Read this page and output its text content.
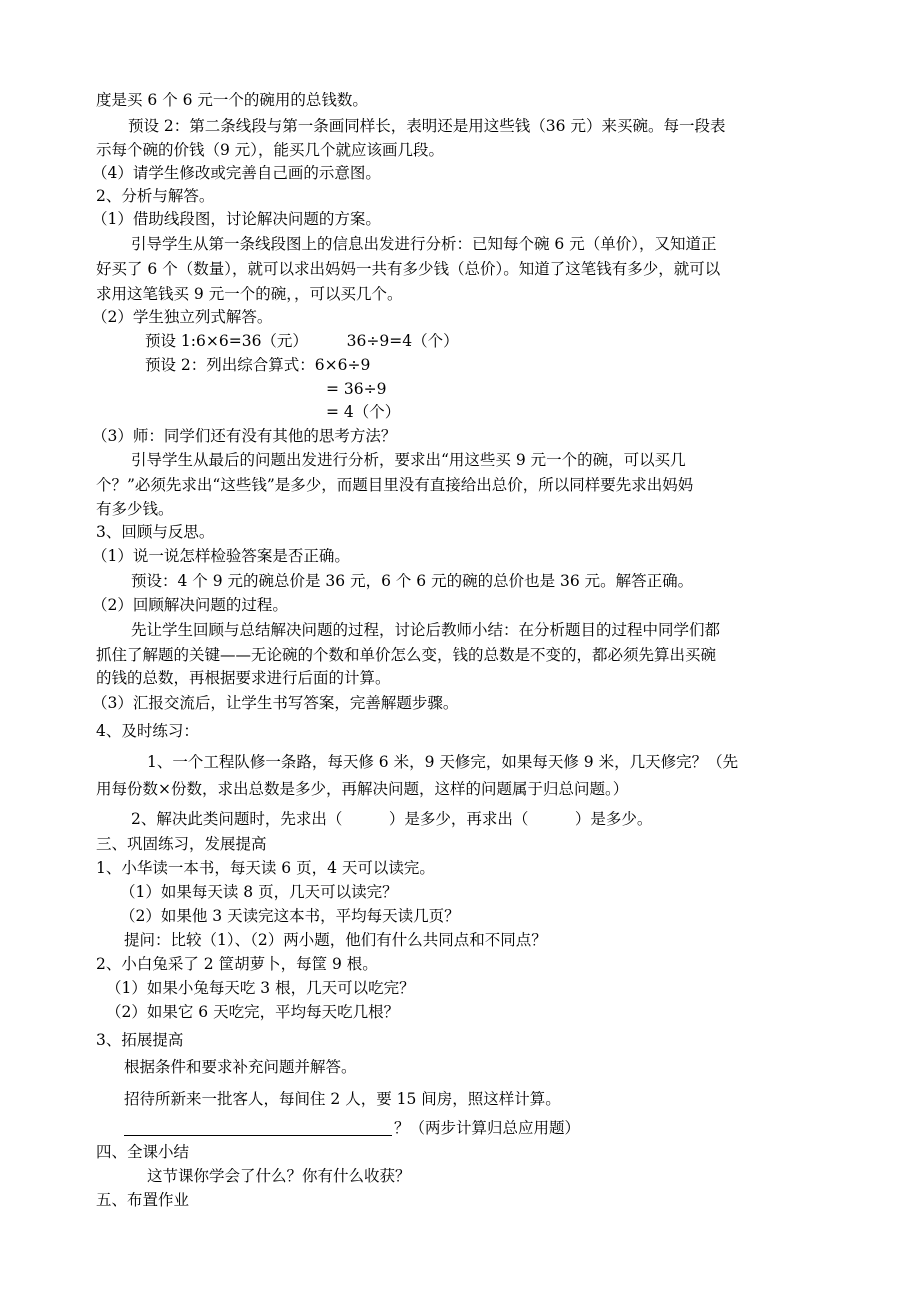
度是买 6 个 6 元一个的碗用的总钱数。
预设 2：第二条线段与第一条画同样长，表明还是用这些钱（36 元）来买碗。每一段表
示每个碗的价钱（9 元），能买几个就应该画几段。
（4）请学生修改或完善自己画的示意图。
2、分析与解答。
（1）借助线段图，讨论解决问题的方案。
引导学生从第一条线段图上的信息出发进行分析：已知每个碗 6 元（单价），又知道正
好买了 6 个（数量），就可以求出妈妈一共有多少钱（总价）。知道了这笔钱有多少，就可以
求用这笔钱买 9 元一个的碗，，可以买几个。
（2）学生独立列式解答。
预设 1:6×6=36（元）　　　36÷9=4（个）
预设 2：列出综合算式：6×6÷9
= 36÷9
= 4（个）
（3）师：同学们还有没有其他的思考方法？
引导学生从最后的问题出发进行分析，要求出“用这些买 9 元一个的碗，可以买几
个？”必须先求出“这些钱”是多少，而题目里没有直接给出总价，所以同样要先求出妈妈
有多少钱。
3、回顾与反思。
（1）说一说怎样检验答案是否正确。
预设：4 个 9 元的碗总价是 36 元，6 个 6 元的碗的总价也是 36 元。解答正确。
（2）回顾解决问题的过程。
先让学生回顾与总结解决问题的过程，讨论后教师小结：在分析题目的过程中同学们都
抓住了解题的关键——无论碗的个数和单价怎么变，钱的总数是不变的，都必须先算出买碗
的钱的总数，再根据要求进行后面的计算。
（3）汇报交流后，让学生书写答案，完善解题步骤。
4、及时练习：
1、一个工程队修一条路，每天修 6 米，9 天修完，如果每天修 9 米，几天修完？（先
用每份数×份数，求出总数是多少，再解决问题，这样的问题属于归总问题。）
2、解决此类问题时，先求出（　　　）是多少，再求出（　　　）是多少。
三、巩固练习，发展提高
1、小华读一本书，每天读 6 页，4 天可以读完。
（1）如果每天读 8 页，几天可以读完？
（2）如果他 3 天读完这本书，平均每天读几页？
提问：比较（1）、（2）两小题，他们有什么共同点和不同点？
2、小白兔采了 2 筐胡萝卜，每筐 9 根。
（1）如果小兔每天吃 3 根，几天可以吃完？
（2）如果它 6 天吃完，平均每天吃几根？
3、拓展提高
根据条件和要求补充问题并解答。
招待所新来一批客人，每间住 2 人，要 15 间房，照这样计算。
？（两步计算归总应用题）
四、全课小结
这节课你学会了什么？你有什么收获？
五、布置作业
